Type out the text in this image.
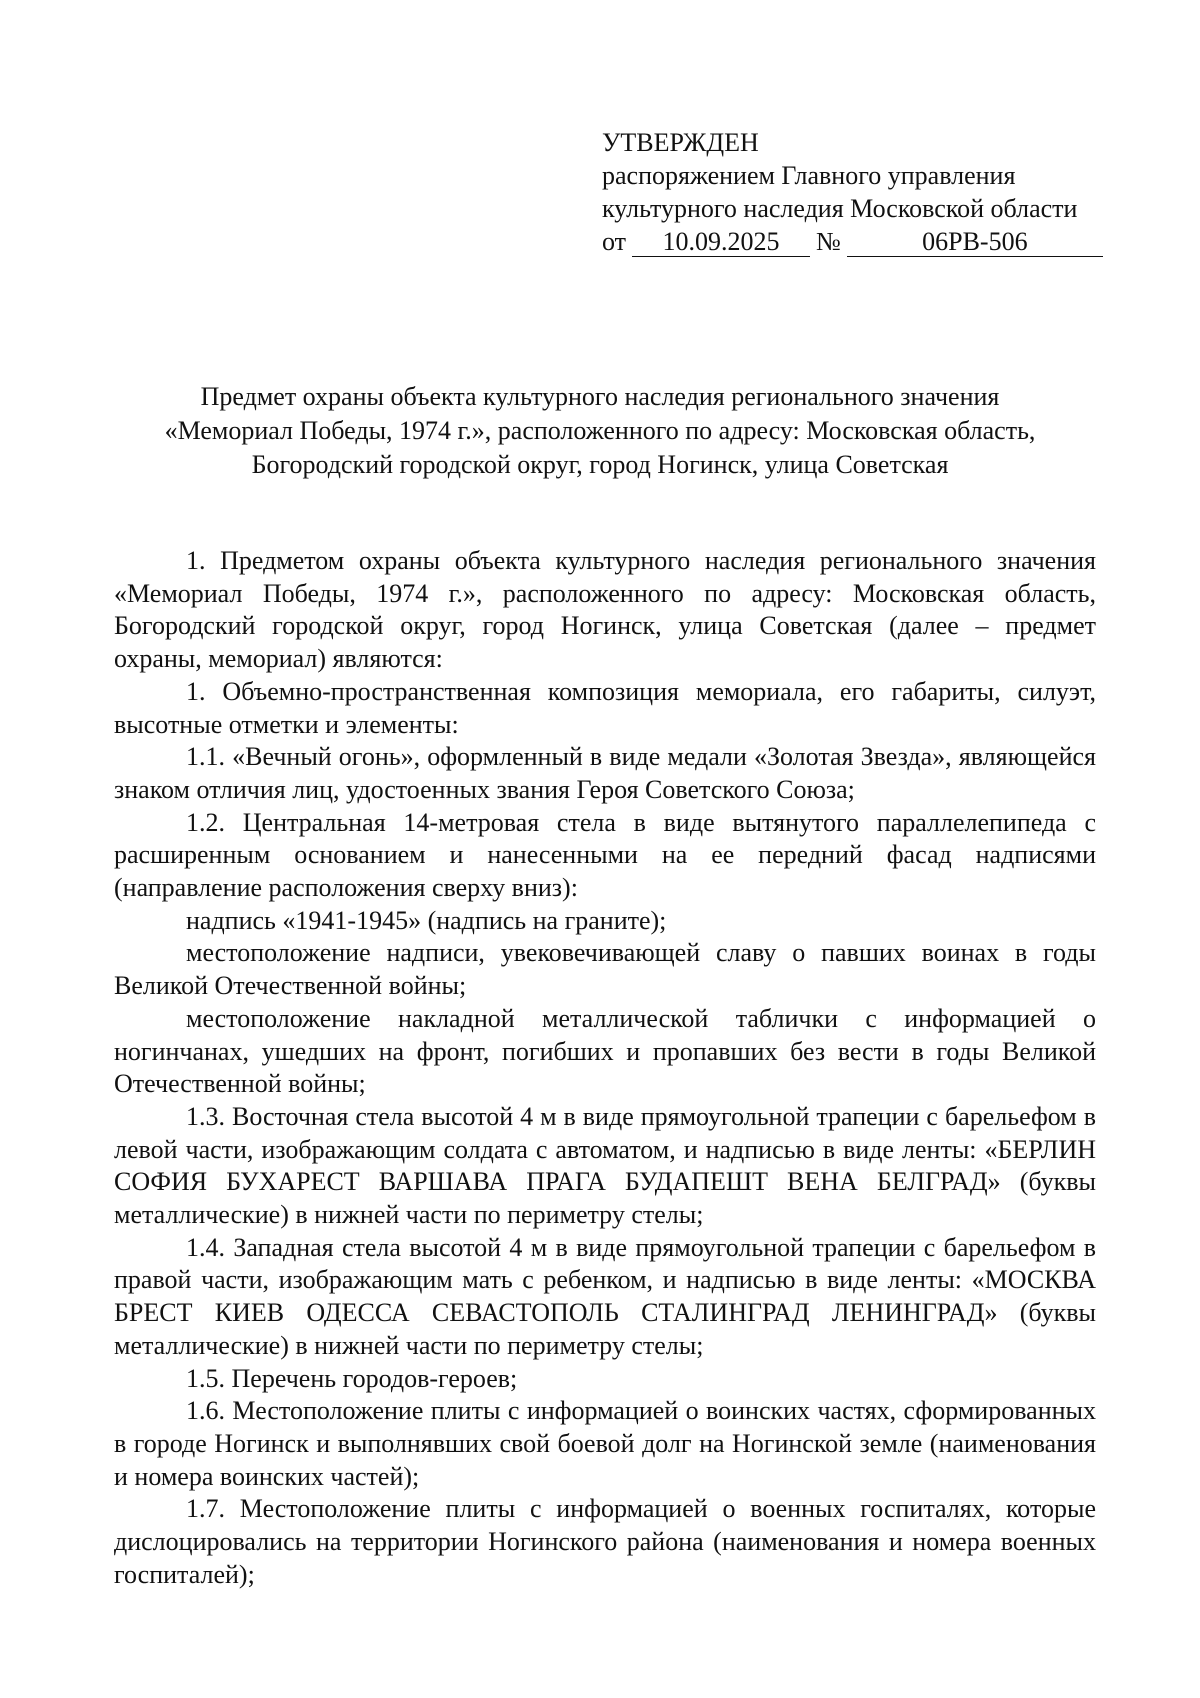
УТВЕРЖДЕН
распоряжением Главного управления
культурного наследия Московской области
от 10.09.2025 №	06РВ-506
Предмет охраны объекта культурного наследия регионального значения
«Мемориал Победы, 1974 г.», расположенного по адресу: Московская область,
Богородский городской округ, город Ногинск, улица Советская

1. Предметом охраны объекта культурного наследия регионального значения «Мемориал Победы, 1974 г.», расположенного по адресу: Московская область, Богородский городской округ, город Ногинск, улица Советская (далее – предмет охраны, мемориал) являются:

1. Объемно-пространственная композиция мемориала, его габариты, силуэт, высотные отметки и элементы:

1.1. «Вечный огонь», оформленный в виде медали «Золотая Звезда», являющейся знаком отличия лиц, удостоенных звания Героя Советского Союза;

1.2. Центральная 14-метровая стела в виде вытянутого параллелепипеда с расширенным основанием и нанесенными на ее передний фасад надписями (направление расположения сверху вниз):

надпись «1941-1945» (надпись на граните);

местоположение надписи, увековечивающей славу о павших воинах в годы Великой Отечественной войны;

местоположение накладной металлической таблички с информацией о ногинчанах, ушедших на фронт, погибших и пропавших без вести в годы Великой Отечественной войны;

1.3. Восточная стела высотой 4 м в виде прямоугольной трапеции с барельефом в левой части, изображающим солдата с автоматом, и надписью в виде ленты: «БЕРЛИН СОФИЯ БУХАРЕСТ ВАРШАВА ПРАГА БУДАПЕШТ ВЕНА БЕЛГРАД» (буквы металлические) в нижней части по периметру стелы;

1.4. Западная стела высотой 4 м в виде прямоугольной трапеции с барельефом в правой части, изображающим мать с ребенком, и надписью в виде ленты: «МОСКВА БРЕСТ КИЕВ ОДЕССА СЕВАСТОПОЛЬ СТАЛИНГРАД ЛЕНИНГРАД» (буквы металлические) в нижней части по периметру стелы;

1.5. Перечень городов-героев;

1.6. Местоположение плиты с информацией о воинских частях, сформированных в городе Ногинск и выполнявших свой боевой долг на Ногинской земле (наименования и номера воинских частей);

1.7. Местоположение плиты с информацией о военных госпиталях, которые дислоцировались на территории Ногинского района (наименования и номера военных госпиталей);
